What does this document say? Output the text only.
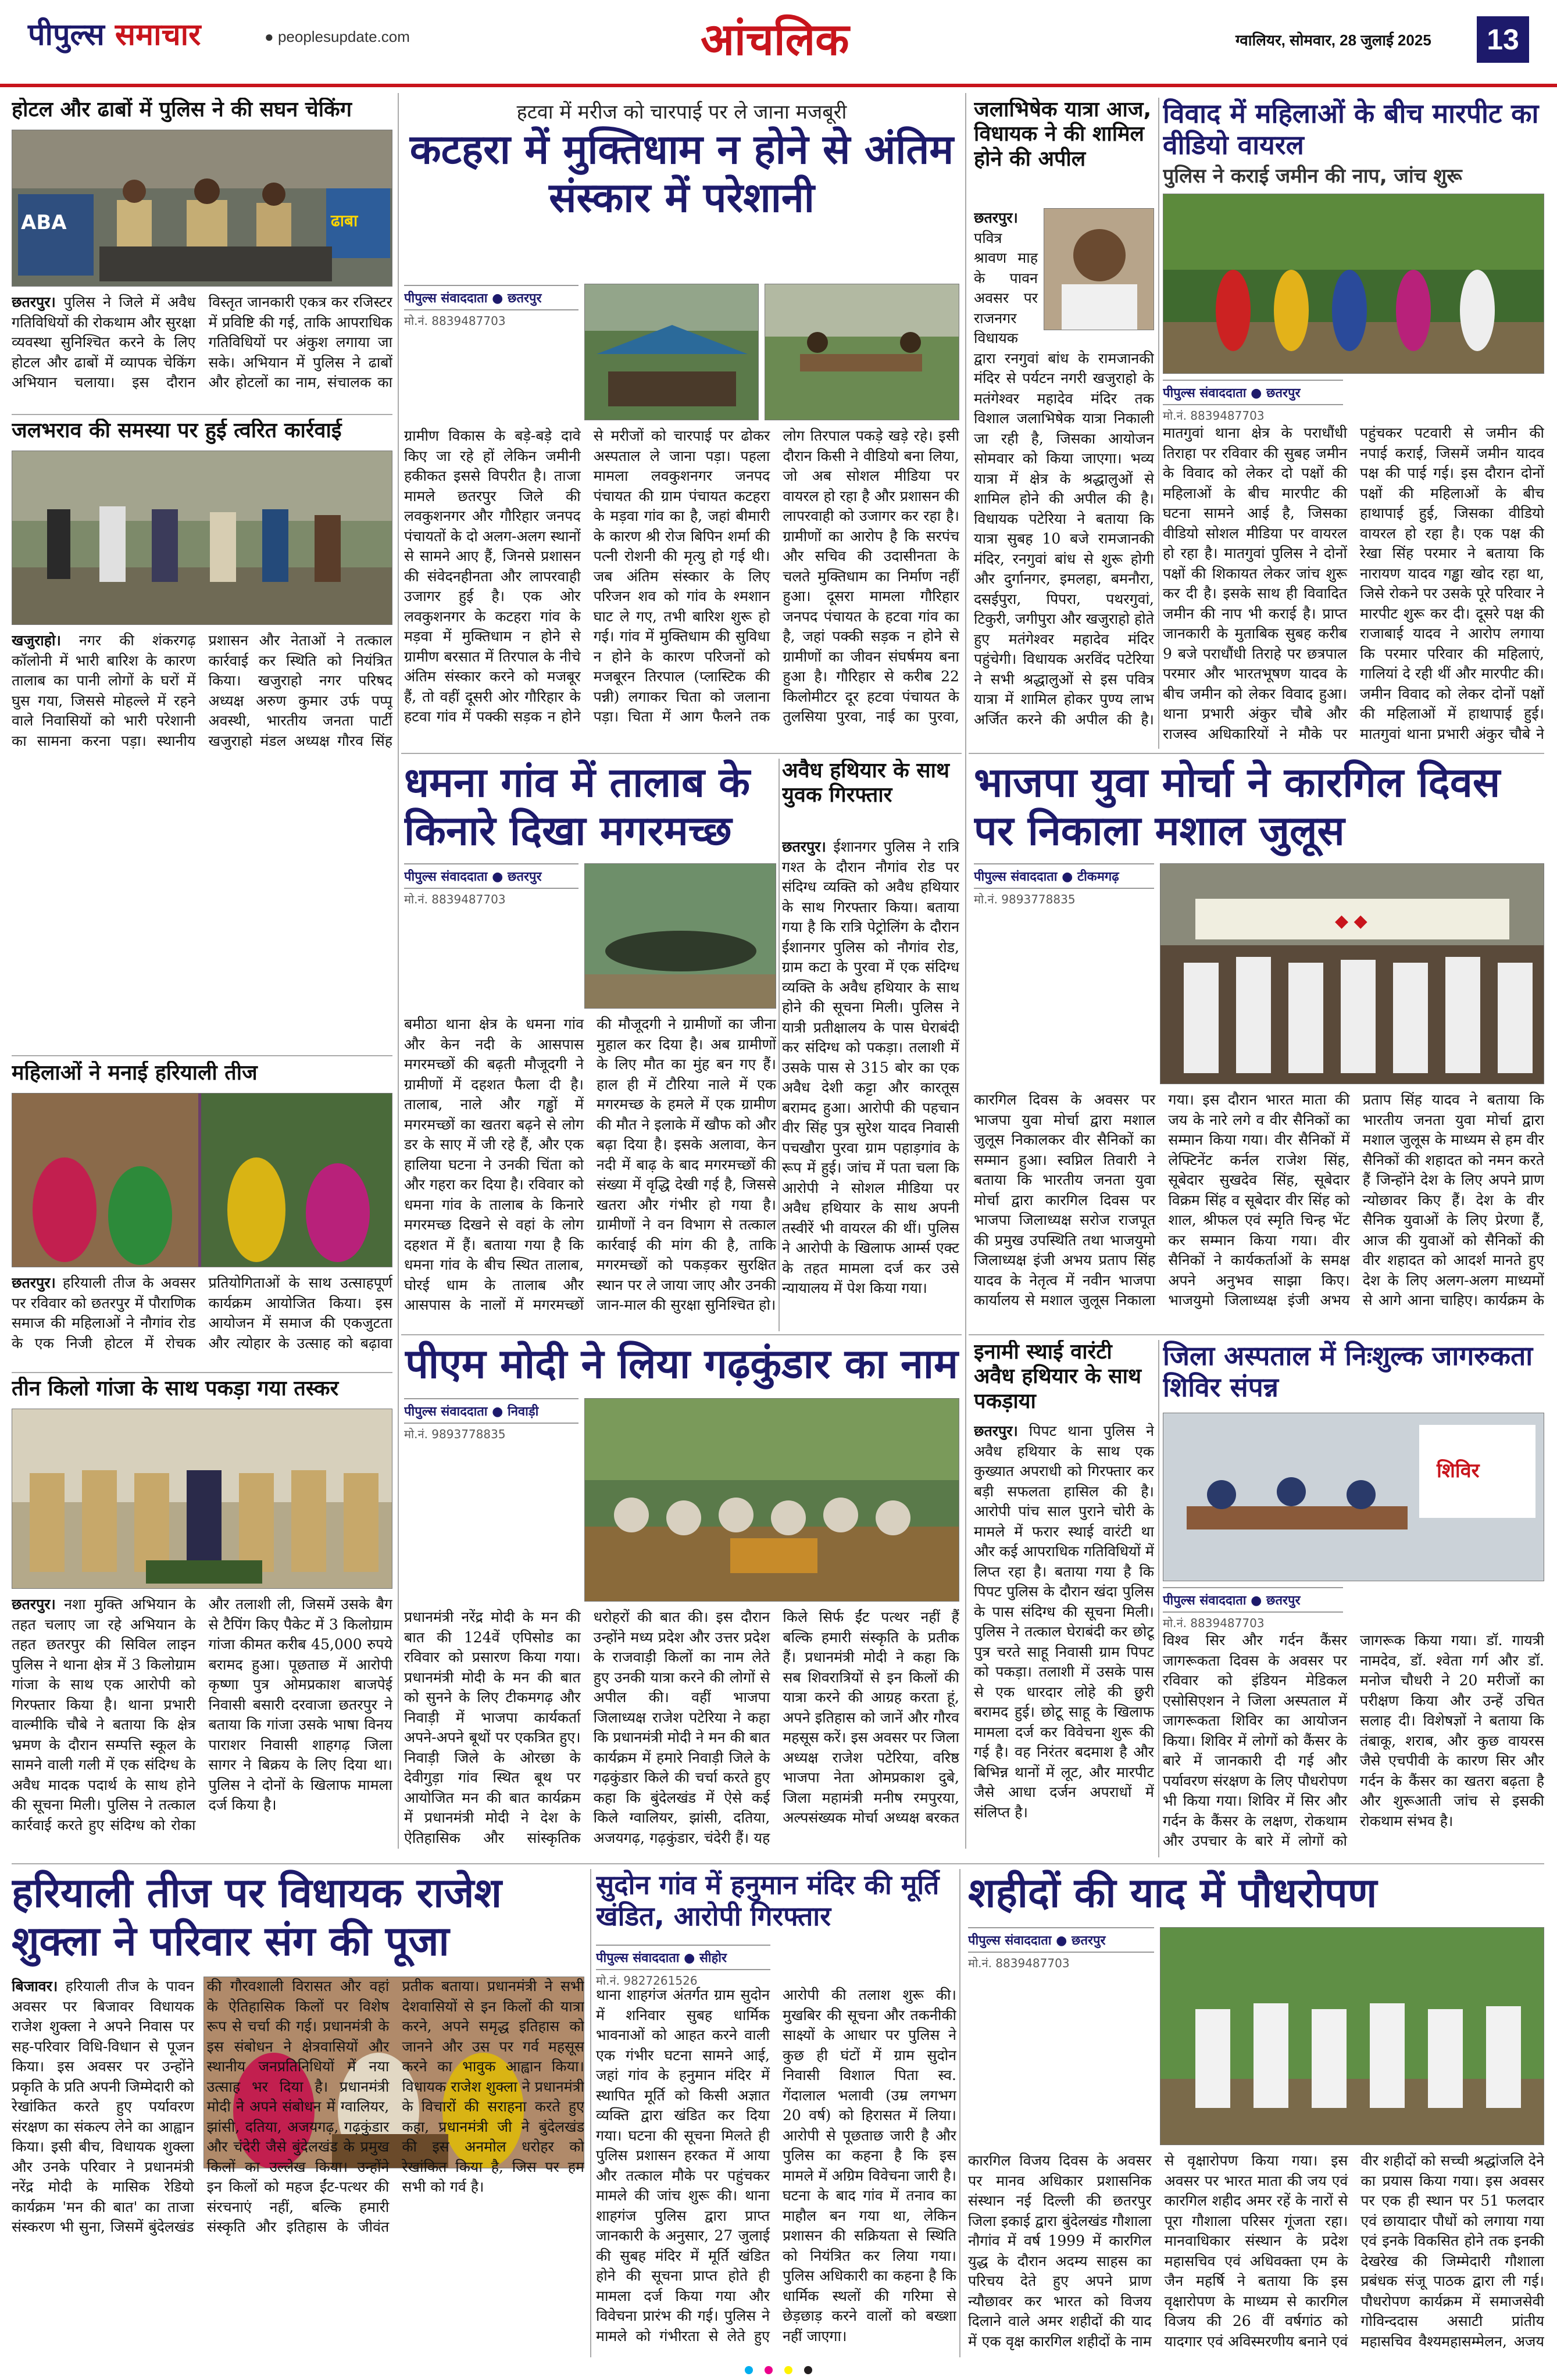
पीपुल्स समाचार	● peoplesupdate.com	आंचलिक	ग्वालियर, सोमवार, 28 जुलाई 2025	13
होटल और ढाबों में पुलिस ने की सघन चेकिंग
ABA	ढाबा
छतरपुर। पुलिस ने जिले में अवैध गतिविधियों की रोकथाम और सुरक्षा व्यवस्था सुनिश्चित करने के लिए होटल और ढाबों में व्यापक चेकिंग अभियान चलाया। इस दौरान विस्तृत जानकारी एकत्र कर रजिस्टर में प्रविष्टि की गई, ताकि आपराधिक गतिविधियों पर अंकुश लगाया जा सके। अभियान में पुलिस ने ढाबों और होटलों का नाम, संचालक का
जलभराव की समस्या पर हुई त्वरित कार्रवाई
खजुराहो। नगर की शंकरगढ़ कॉलोनी में भारी बारिश के कारण तालाब का पानी लोगों के घरों में घुस गया, जिससे मोहल्ले में रहने वाले निवासियों को भारी परेशानी का सामना करना पड़ा। स्थानीय प्रशासन और नेताओं ने तत्काल कार्रवाई कर स्थिति को नियंत्रित किया। खजुराहो नगर परिषद अध्यक्ष अरुण कुमार उर्फ पप्पू अवस्थी, भारतीय जनता पार्टी खजुराहो मंडल अध्यक्ष गौरव सिंह
महिलाओं ने मनाई हरियाली तीज
छतरपुर। हरियाली तीज के अवसर पर रविवार को छतरपुर में पौराणिक समाज की महिलाओं ने नौगांव रोड के एक निजी होटल में रोचक प्रतियोगिताओं के साथ उत्साहपूर्ण कार्यक्रम आयोजित किया। इस आयोजन में समाज की एकजुटता और त्योहार के उत्साह को बढ़ावा
तीन किलो गांजा के साथ पकड़ा गया तस्कर
छतरपुर। नशा मुक्ति अभियान के तहत चलाए जा रहे अभियान के तहत छतरपुर की सिविल लाइन पुलिस ने थाना क्षेत्र में 3 किलोग्राम गांजा के साथ एक आरोपी को गिरफ्तार किया है। थाना प्रभारी वाल्मीकि चौबे ने बताया कि क्षेत्र भ्रमण के दौरान सम्पत्ति स्कूल के सामने वाली गली में एक संदिग्ध के अवैध मादक पदार्थ के साथ होने की सूचना मिली। पुलिस ने तत्काल कार्रवाई करते हुए संदिग्ध को रोका और तलाशी ली, जिसमें उसके बैग से टैपिंग किए पैकेट में 3 किलोग्राम गांजा कीमत करीब 45,000 रुपये बरामद हुआ। पूछताछ में आरोपी कृष्णा पुत्र ओमप्रकाश बाजपेई निवासी बसारी दरवाजा छतरपुर ने बताया कि गांजा उसके भाषा विनय पाराशर निवासी शाहगढ़ जिला सागर ने बिक्रय के लिए दिया था। पुलिस ने दोनों के खिलाफ मामला दर्ज किया है।
हटवा में मरीज को चारपाई पर ले जाना मजबूरी
कटहरा में मुक्तिधाम न होने से अंतिम संस्कार में परेशानी
पीपुल्स संवाददाता ● छतरपुर
मो.नं. 8839487703
ग्रामीण विकास के बड़े-बड़े दावे किए जा रहे हों लेकिन जमीनी हकीकत इससे विपरीत है। ताजा मामले छतरपुर जिले की लवकुशनगर और गौरिहार जनपद पंचायतों के दो अलग-अलग स्थानों से सामने आए हैं, जिनसे प्रशासन की संवेदनहीनता और लापरवाही उजागर हुई है। एक ओर लवकुशनगर के कटहरा गांव के मड़वा में मुक्तिधाम न होने से ग्रामीण बरसात में तिरपाल के नीचे अंतिम संस्कार करने को मजबूर हैं, तो वहीं दूसरी ओर गौरिहार के हटवा गांव में पक्की सड़क न होने से मरीजों को चारपाई पर ढोकर अस्पताल ले जाना पड़ा। पहला मामला लवकुशनगर जनपद पंचायत की ग्राम पंचायत कटहरा के मड़वा गांव का है, जहां बीमारी के कारण श्री रोज बिपिन शर्मा की पत्नी रोशनी की मृत्यु हो गई थी। जब अंतिम संस्कार के लिए परिजन शव को गांव के श्मशान घाट ले गए, तभी बारिश शुरू हो गई। गांव में मुक्तिधाम की सुविधा न होने के कारण परिजनों को मजबूरन तिरपाल (प्लास्टिक की पन्नी) लगाकर चिता को जलाना पड़ा। चिता में आग फैलने तक लोग तिरपाल पकड़े खड़े रहे। इसी दौरान किसी ने वीडियो बना लिया, जो अब सोशल मीडिया पर वायरल हो रहा है और प्रशासन की लापरवाही को उजागर कर रहा है। ग्रामीणों का आरोप है कि सरपंच और सचिव की उदासीनता के चलते मुक्तिधाम का निर्माण नहीं हुआ। दूसरा मामला गौरिहार जनपद पंचायत के हटवा गांव का है, जहां पक्की सड़क न होने से ग्रामीणों का जीवन संघर्षमय बना हुआ है। गौरिहार से करीब 22 किलोमीटर दूर हटवा पंचायत के तुलसिया पुरवा, नाई का पुरवा,
धमना गांव में तालाब के किनारे दिखा मगरमच्छ
पीपुल्स संवाददाता ● छतरपुर
मो.नं. 8839487703
बमीठा थाना क्षेत्र के धमना गांव और केन नदी के आसपास मगरमच्छों की बढ़ती मौजूदगी ने ग्रामीणों में दहशत फैला दी है। तालाब, नाले और गड्ढों में मगरमच्छों का खतरा बढ़ने से लोग डर के साए में जी रहे हैं, और एक हालिया घटना ने उनकी चिंता को और गहरा कर दिया है। रविवार को धमना गांव के तालाब के किनारे मगरमच्छ दिखने से वहां के लोग दहशत में हैं। बताया गया है कि धमना गांव के बीच स्थित तालाब, घोरई धाम के तालाब और आसपास के नालों में मगरमच्छों की मौजूदगी ने ग्रामीणों का जीना मुहाल कर दिया है। अब ग्रामीणों के लिए मौत का मुंह बन गए हैं। हाल ही में टौरिया नाले में एक मगरमच्छ के हमले में एक ग्रामीण की मौत ने इलाके में खौफ को और बढ़ा दिया है। इसके अलावा, केन नदी में बाढ़ के बाद मगरमच्छों की संख्या में वृद्धि देखी गई है, जिससे खतरा और गंभीर हो गया है। ग्रामीणों ने वन विभाग से तत्काल कार्रवाई की मांग की है, ताकि मगरमच्छों को पकड़कर सुरक्षित स्थान पर ले जाया जाए और उनकी जान-माल की सुरक्षा सुनिश्चित हो।
अवैध हथियार के साथ युवक गिरफ्तार
छतरपुर। ईशानगर पुलिस ने रात्रि गश्त के दौरान नौगांव रोड पर संदिग्ध व्यक्ति को अवैध हथियार के साथ गिरफ्तार किया। बताया गया है कि रात्रि पेट्रोलिंग के दौरान ईशानगर पुलिस को नौगांव रोड, ग्राम कटा के पुरवा में एक संदिग्ध व्यक्ति के अवैध हथियार के साथ होने की सूचना मिली। पुलिस ने यात्री प्रतीक्षालय के पास घेराबंदी कर संदिग्ध को पकड़ा। तलाशी में उसके पास से 315 बोर का एक अवैध देशी कट्टा और कारतूस बरामद हुआ। आरोपी की पहचान वीर सिंह पुत्र सुरेश यादव निवासी पचखौरा पुरवा ग्राम पहाड़गांव के रूप में हुई। जांच में पता चला कि आरोपी ने सोशल मीडिया पर अवैध हथियार के साथ अपनी तस्वीरें भी वायरल की थीं। पुलिस ने आरोपी के खिलाफ आर्म्स एक्ट के तहत मामला दर्ज कर उसे न्यायालय में पेश किया गया।
पीएम मोदी ने लिया गढ़कुंडार का नाम
पीपुल्स संवाददाता ● निवाड़ी
मो.नं. 9893778835
प्रधानमंत्री नरेंद्र मोदी के मन की बात की 124वें एपिसोड का रविवार को प्रसारण किया गया। प्रधानमंत्री मोदी के मन की बात को सुनने के लिए टीकमगढ़ और निवाड़ी में भाजपा कार्यकर्ता अपने-अपने बूथों पर एकत्रित हुए। निवाड़ी जिले के ओरछा के देवीगुड़ा गांव स्थित बूथ पर आयोजित मन की बात कार्यक्रम में प्रधानमंत्री मोदी ने देश के ऐतिहासिक और सांस्कृतिक धरोहरों की बात की। इस दौरान उन्होंने मध्य प्रदेश और उत्तर प्रदेश के राजवाड़ी किलों का नाम लेते हुए उनकी यात्रा करने की लोगों से अपील की। वहीं भाजपा जिलाध्यक्ष राजेश पटेरिया ने कहा कि प्रधानमंत्री मोदी ने मन की बात कार्यक्रम में हमारे निवाड़ी जिले के गढ़कुंडार किले की चर्चा करते हुए कहा कि बुंदेलखंड में ऐसे कई किले ग्वालियर, झांसी, दतिया, अजयगढ़, गढ़कुंडार, चंदेरी हैं। यह किले सिर्फ ईंट पत्थर नहीं हैं बल्कि हमारी संस्कृति के प्रतीक हैं। प्रधानमंत्री मोदी ने कहा कि सब शिवरात्रियों से इन किलों की यात्रा करने की आग्रह करता हूं, अपने इतिहास को जानें और गौरव महसूस करें। इस अवसर पर जिला अध्यक्ष राजेश पटेरिया, वरिष्ठ भाजपा नेता ओमप्रकाश दुबे, जिला महामंत्री मनीष रमपुरया, अल्पसंख्यक मोर्चा अध्यक्ष बरकत
जलाभिषेक यात्रा आज, विधायक ने की शामिल होने की अपील
छतरपुर। पवित्र श्रावण माह के पावन अवसर पर राजनगर विधायक द्वारा रनगुवां बांध के रामजानकी मंदिर से पर्यटन नगरी खजुराहो के मतंगेश्वर महादेव मंदिर तक विशाल जलाभिषेक यात्रा निकाली जा रही है, जिसका आयोजन सोमवार को किया जाएगा। भव्य यात्रा में क्षेत्र के श्रद्धालुओं से शामिल होने की अपील की है। विधायक पटेरिया ने बताया कि यात्रा सुबह 10 बजे रामजानकी मंदिर, रनगुवां बांध से शुरू होगी और दुर्गानगर, इमलहा, बमनौरा, दसईपुरा, पिपरा, पथरगुवां, टिकुरी, जगीपुरा और खजुराहो होते हुए मतंगेश्वर महादेव मंदिर पहुंचेगी। विधायक अरविंद पटेरिया ने सभी श्रद्धालुओं से इस पवित्र यात्रा में शामिल होकर पुण्य लाभ अर्जित करने की अपील की है।
विवाद में महिलाओं के बीच मारपीट का वीडियो वायरल
पुलिस ने कराई जमीन की नाप, जांच शुरू
पीपुल्स संवाददाता ● छतरपुर
मो.नं. 8839487703
मातगुवां थाना क्षेत्र के पराधौंधी तिराहा पर रविवार की सुबह जमीन के विवाद को लेकर दो पक्षों की महिलाओं के बीच मारपीट की घटना सामने आई है, जिसका वीडियो सोशल मीडिया पर वायरल हो रहा है। मातगुवां पुलिस ने दोनों पक्षों की शिकायत लेकर जांच शुरू कर दी है। इसके साथ ही विवादित जमीन की नाप भी कराई है। प्राप्त जानकारी के मुताबिक सुबह करीब 9 बजे पराधौंधी तिराहे पर छत्रपाल परमार और भारतभूषण यादव के बीच जमीन को लेकर विवाद हुआ। थाना प्रभारी अंकुर चौबे और राजस्व अधिकारियों ने मौके पर पहुंचकर पटवारी से जमीन की नपाई कराई, जिसमें जमीन यादव पक्ष की पाई गई। इस दौरान दोनों पक्षों की महिलाओं के बीच हाथापाई हुई, जिसका वीडियो वायरल हो रहा है। एक पक्ष की रेखा सिंह परमार ने बताया कि नारायण यादव गड्ढा खोद रहा था, जिसे रोकने पर उसके पूरे परिवार ने मारपीट शुरू कर दी। दूसरे पक्ष की राजाबाई यादव ने आरोप लगाया कि परमार परिवार की महिलाएं, गालियां दे रही थीं और मारपीट की। जमीन विवाद को लेकर दोनों पक्षों की महिलाओं में हाथापाई हुई। मातगुवां थाना प्रभारी अंकुर चौबे ने
भाजपा युवा मोर्चा ने कारगिल दिवस पर निकाला मशाल जुलूस
पीपुल्स संवाददाता ● टीकमगढ़
मो.नं. 9893778835
◆ ◆
कारगिल दिवस के अवसर पर भाजपा युवा मोर्चा द्वारा मशाल जुलूस निकालकर वीर सैनिकों का सम्मान हुआ। स्वप्निल तिवारी ने बताया कि भारतीय जनता युवा मोर्चा द्वारा कारगिल दिवस पर भाजपा जिलाध्यक्ष सरोज राजपूत की प्रमुख उपस्थिति तथा भाजयुमो जिलाध्यक्ष इंजी अभय प्रताप सिंह यादव के नेतृत्व में नवीन भाजपा कार्यालय से मशाल जुलूस निकाला गया। इस दौरान भारत माता की जय के नारे लगे व वीर सैनिकों का सम्मान किया गया। वीर सैनिकों में लेफ्टिनेंट कर्नल राजेश सिंह, सूबेदार सुखदेव सिंह, सूबेदार विक्रम सिंह व सूबेदार वीर सिंह को शाल, श्रीफल एवं स्मृति चिन्ह भेंट कर सम्मान किया गया। वीर सैनिकों ने कार्यकर्ताओं के समक्ष अपने अनुभव साझा किए। भाजयुमो जिलाध्यक्ष इंजी अभय प्रताप सिंह यादव ने बताया कि भारतीय जनता युवा मोर्चा द्वारा मशाल जुलूस के माध्यम से हम वीर सैनिकों की शहादत को नमन करते हैं जिन्होंने देश के लिए अपने प्राण न्योछावर किए हैं। देश के वीर सैनिक युवाओं के लिए प्रेरणा हैं, आज की युवाओं को सैनिकों की वीर शहादत को आदर्श मानते हुए देश के लिए अलग-अलग माध्यमों से आगे आना चाहिए। कार्यक्रम के
इनामी स्थाई वारंटी अवैध हथियार के साथ पकड़ाया
छतरपुर। पिपट थाना पुलिस ने अवैध हथियार के साथ एक कुख्यात अपराधी को गिरफ्तार कर बड़ी सफलता हासिल की है। आरोपी पांच साल पुराने चोरी के मामले में फरार स्थाई वारंटी था और कई आपराधिक गतिविधियों में लिप्त रहा है। बताया गया है कि पिपट पुलिस के दौरान खंदा पुलिस के पास संदिग्ध की सूचना मिली। पुलिस ने तत्काल घेराबंदी कर छोटू पुत्र चरते साहू निवासी ग्राम पिपट को पकड़ा। तलाशी में उसके पास से एक धारदार लोहे की छुरी बरामद हुई। छोटू साहू के खिलाफ मामला दर्ज कर विवेचना शुरू की गई है। वह निरंतर बदमाश है और बिभिन्न थानों में लूट, और मारपीट जैसे आधा दर्जन अपराधों में संलिप्त है।
जिला अस्पताल में निःशुल्क जागरुकता शिविर संपन्न
शिविर
पीपुल्स संवाददाता ● छतरपुर
मो.नं. 8839487703
विश्व सिर और गर्दन कैंसर जागरूकता दिवस के अवसर पर रविवार को इंडियन मेडिकल एसोसिएशन ने जिला अस्पताल में जागरूकता शिविर का आयोजन किया। शिविर में लोगों को कैंसर के बारे में जानकारी दी गई और पर्यावरण संरक्षण के लिए पौधरोपण भी किया गया। शिविर में सिर और गर्दन के कैंसर के लक्षण, रोकथाम और उपचार के बारे में लोगों को जागरूक किया गया। डॉ. गायत्री नामदेव, डॉ. श्वेता गर्ग और डॉ. मनोज चौधरी ने 20 मरीजों का परीक्षण किया और उन्हें उचित सलाह दी। विशेषज्ञों ने बताया कि तंबाकू, शराब, और कुछ वायरस जैसे एचपीवी के कारण सिर और गर्दन के कैंसर का खतरा बढ़ता है और शुरूआती जांच से इसकी रोकथाम संभव है।
हरियाली तीज पर विधायक राजेश शुक्ला ने परिवार संग की पूजा
बिजावर। हरियाली तीज के पावन अवसर पर बिजावर विधायक राजेश शुक्ला ने अपने निवास पर सह-परिवार विधि-विधान से पूजन किया। इस अवसर पर उन्होंने प्रकृति के प्रति अपनी जिम्मेदारी को रेखांकित करते हुए पर्यावरण संरक्षण का संकल्प लेने का आह्वान किया। इसी बीच, विधायक शुक्ला और उनके परिवार ने प्रधानमंत्री नरेंद्र मोदी के मासिक रेडियो कार्यक्रम 'मन की बात' का ताजा संस्करण भी सुना, जिसमें बुंदेलखंड की गौरवशाली विरासत और वहां के ऐतिहासिक किलों पर विशेष रूप से चर्चा की गई। प्रधानमंत्री के इस संबोधन ने क्षेत्रवासियों और स्थानीय जनप्रतिनिधियों में नया उत्साह भर दिया है। प्रधानमंत्री मोदी ने अपने संबोधन में ग्वालियर, झांसी, दतिया, अजयगढ़, गढ़कुंडार और चंदेरी जैसे बुंदेलखंड के प्रमुख किलों का उल्लेख किया। उन्होंने इन किलों को महज ईंट-पत्थर की संरचनाएं नहीं, बल्कि हमारी संस्कृति और इतिहास के जीवंत प्रतीक बताया। प्रधानमंत्री ने सभी देशवासियों से इन किलों की यात्रा करने, अपने समृद्ध इतिहास को जानने और उस पर गर्व महसूस करने का भावुक आह्वान किया। विधायक राजेश शुक्ला ने प्रधानमंत्री के विचारों की सराहना करते हुए कहा, प्रधानमंत्री जी ने बुंदेलखंड की इस अनमोल धरोहर को रेखांकित किया है, जिस पर हम सभी को गर्व है।
सुदोन गांव में हनुमान मंदिर की मूर्ति खंडित, आरोपी गिरफ्तार
पीपुल्स संवाददाता ● सीहोर
मो.नं. 9827261526
थाना शाहगंज अंतर्गत ग्राम सुदोन में शनिवार सुबह धार्मिक भावनाओं को आहत करने वाली एक गंभीर घटना सामने आई, जहां गांव के हनुमान मंदिर में स्थापित मूर्ति को किसी अज्ञात व्यक्ति द्वारा खंडित कर दिया गया। घटना की सूचना मिलते ही पुलिस प्रशासन हरकत में आया और तत्काल मौके पर पहुंचकर मामले की जांच शुरू की। थाना शाहगंज पुलिस द्वारा प्राप्त जानकारी के अनुसार, 27 जुलाई की सुबह मंदिर में मूर्ति खंडित होने की सूचना प्राप्त होते ही मामला दर्ज किया गया और विवेचना प्रारंभ की गई। पुलिस ने मामले को गंभीरता से लेते हुए आरोपी की तलाश शुरू की। मुखबिर की सूचना और तकनीकी साक्ष्यों के आधार पर पुलिस ने कुछ ही घंटों में ग्राम सुदोन निवासी विशाल पिता स्व. गेंदालाल भलावी (उम्र लगभग 20 वर्ष) को हिरासत में लिया। आरोपी से पूछताछ जारी है और पुलिस का कहना है कि इस मामले में अग्रिम विवेचना जारी है। घटना के बाद गांव में तनाव का माहौल बन गया था, लेकिन प्रशासन की सक्रियता से स्थिति को नियंत्रित कर लिया गया। पुलिस अधिकारी का कहना है कि धार्मिक स्थलों की गरिमा से छेड़छाड़ करने वालों को बख्शा नहीं जाएगा।
शहीदों की याद में पौधरोपण
पीपुल्स संवाददाता ● छतरपुर
मो.नं. 8839487703
कारगिल विजय दिवस के अवसर पर मानव अधिकार प्रशासनिक संस्थान नई दिल्ली की छतरपुर जिला इकाई द्वारा बुंदेलखंड गौशाला नौगांव में वर्ष 1999 में कारगिल युद्ध के दौरान अदम्य साहस का परिचय देते हुए अपने प्राण न्यौछावर कर भारत को विजय दिलाने वाले अमर शहीदों की याद में एक वृक्ष कारगिल शहीदों के नाम से वृक्षारोपण किया गया। इस अवसर पर भारत माता की जय एवं कारगिल शहीद अमर रहें के नारों से पूरा गौशाला परिसर गूंजता रहा। मानवाधिकार संस्थान के प्रदेश महासचिव एवं अधिवक्ता एम के जैन महर्षि ने बताया कि इस वृक्षारोपण के माध्यम से कारगिल विजय की 26 वीं वर्षगांठ को यादगार एवं अविस्मरणीय बनाने एवं वीर शहीदों को सच्ची श्रद्धांजलि देने का प्रयास किया गया। इस अवसर पर एक ही स्थान पर 51 फलदार एवं छायादार पौधों को लगाया गया एवं इनके विकसित होने तक इनकी देखरेख की जिम्मेदारी गौशाला प्रबंधक संजू पाठक द्वारा ली गई। पौधरोपण कार्यक्रम में समाजसेवी गोविन्ददास असाटी प्रांतीय महासचिव वैश्यमहासम्मेलन, अजय
